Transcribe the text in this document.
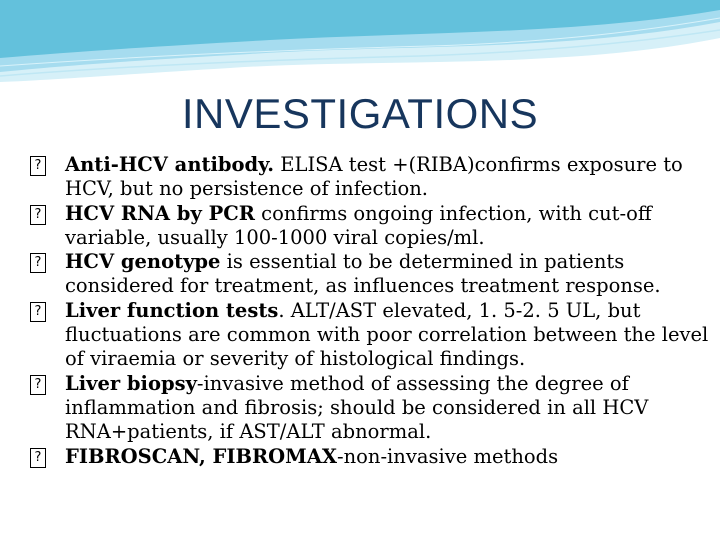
INVESTIGATIONS
? Anti-HCV antibody. ELISA test +(RIBA)confirms exposure to HCV, but no persistence of infection.
? HCV RNA by PCR confirms ongoing infection, with cut-off variable, usually 100-1000 viral copies/ml.
? HCV genotype is essential to be determined in patients considered for treatment, as influences treatment response.
? Liver function tests. ALT/AST elevated, 1. 5-2. 5 UL, but fluctuations are common with poor correlation between the level of viraemia or severity of histological findings.
? Liver biopsy-invasive method of assessing the degree of inflammation and fibrosis; should be considered in all HCV RNA+patients, if AST/ALT abnormal.
? FIBROSCAN, FIBROMAX-non-invasive methods
